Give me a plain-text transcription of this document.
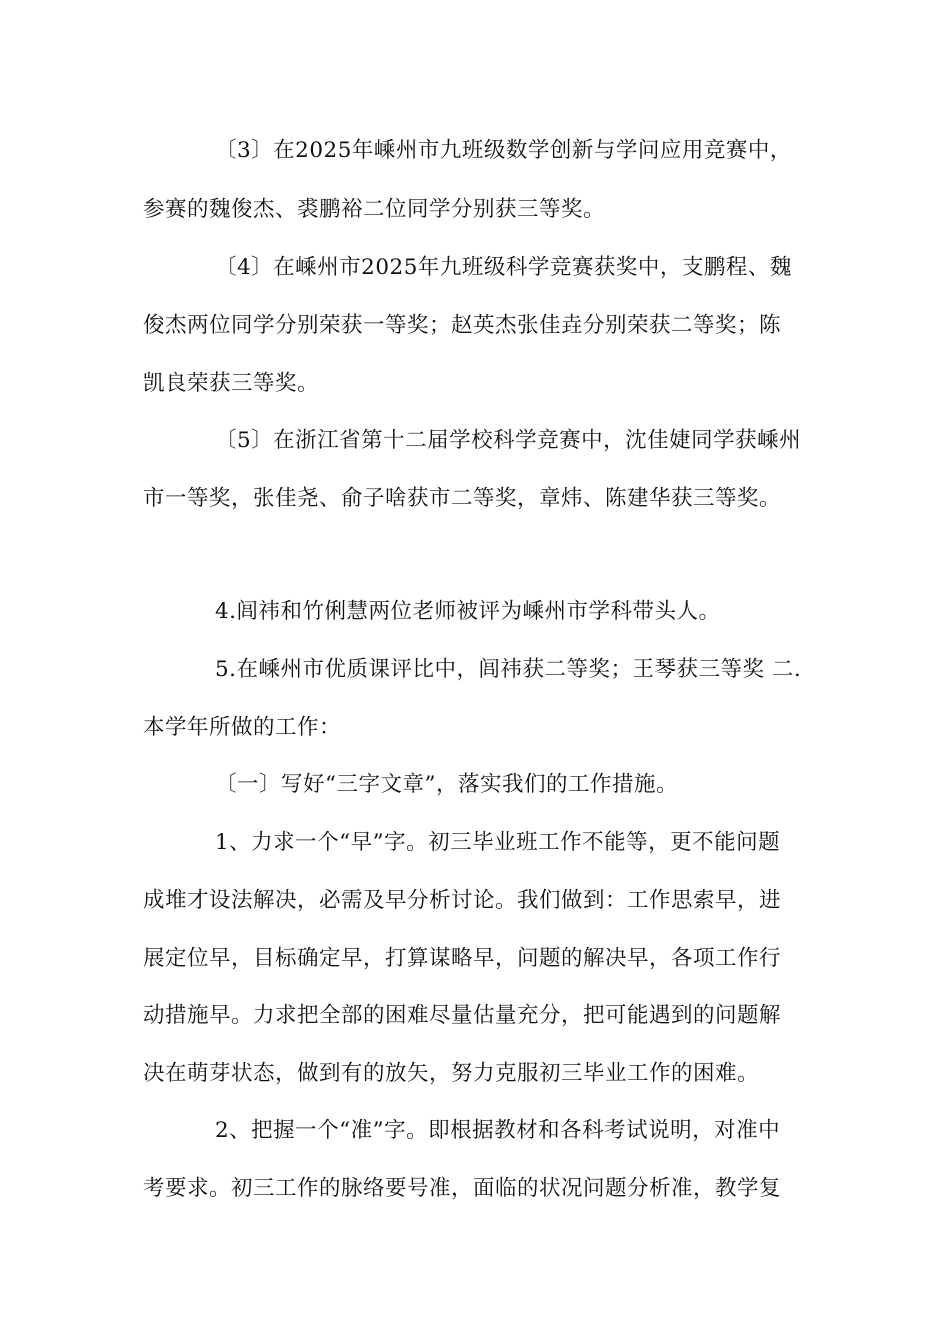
〔3〕在2025年嵊州市九班级数学创新与学问应用竞赛中，
参赛的魏俊杰、裘鹏裕二位同学分别获三等奖。
〔4〕在嵊州市2025年九班级科学竞赛获奖中，支鹏程、魏
俊杰两位同学分别荣获一等奖；赵英杰张佳垚分别荣获二等奖；陈
凯良荣获三等奖。
〔5〕在浙江省第十二届学校科学竞赛中，沈佳婕同学获嵊州
市一等奖，张佳尧、俞子啥获市二等奖，章炜、陈建华获三等奖。
4.闾祎和竹俐慧两位老师被评为嵊州市学科带头人。
5.在嵊州市优质课评比中，闾祎获二等奖；王琴获三等奖 二.
本学年所做的工作：
〔一〕写好“三字文章”，落实我们的工作措施。
1、力求一个“早”字。初三毕业班工作不能等，更不能问题
成堆才设法解决，必需及早分析讨论。我们做到：工作思索早，进
展定位早，目标确定早，打算谋略早，问题的解决早，各项工作行
动措施早。力求把全部的困难尽量估量充分，把可能遇到的问题解
决在萌芽状态，做到有的放矢，努力克服初三毕业工作的困难。
2、把握一个“准”字。即根据教材和各科考试说明，对准中
考要求。初三工作的脉络要号准，面临的状况问题分析准，教学复
